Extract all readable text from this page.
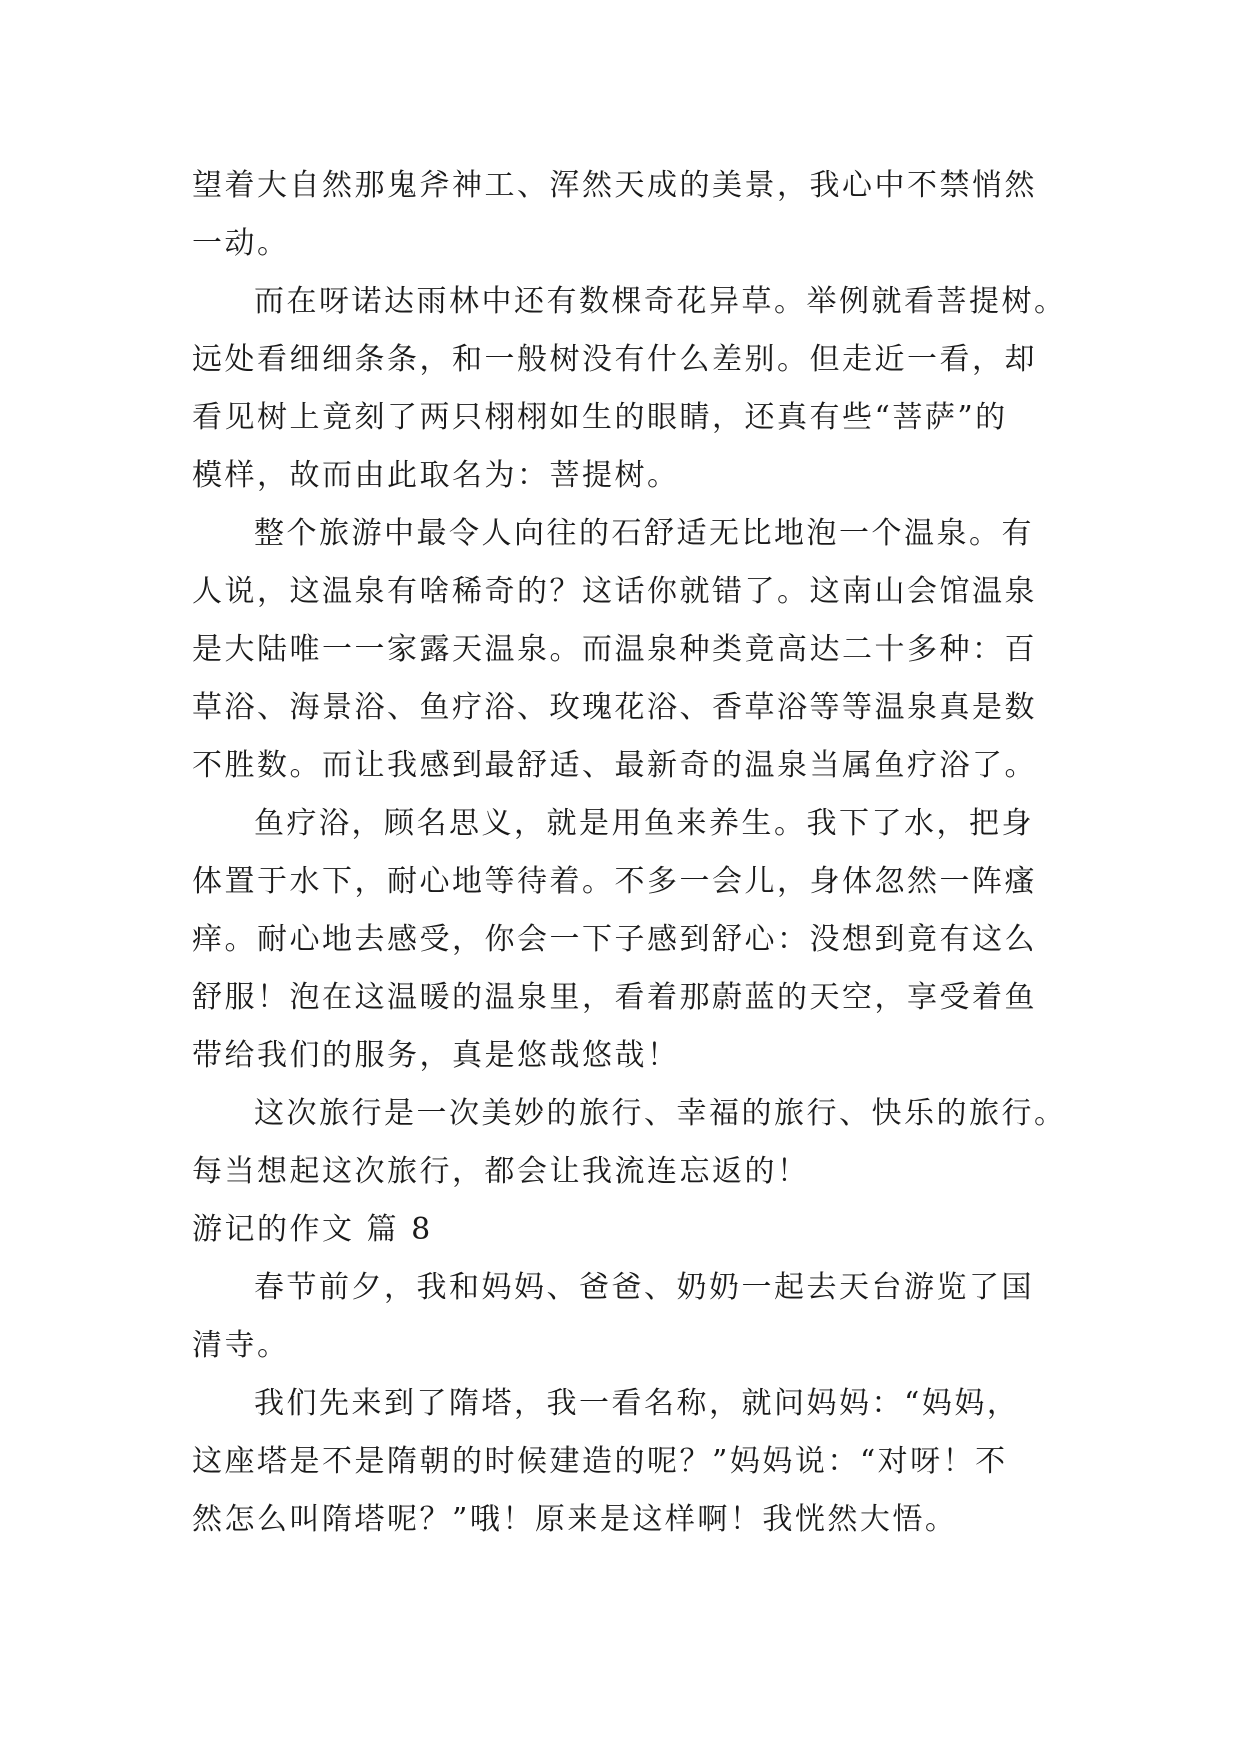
望着大自然那鬼斧神工、浑然天成的美景，我心中不禁悄然
一动。
而在呀诺达雨林中还有数棵奇花异草。举例就看菩提树。
远处看细细条条，和一般树没有什么差别。但走近一看，却
看见树上竟刻了两只栩栩如生的眼睛，还真有些“菩萨”的
模样，故而由此取名为：菩提树。
整个旅游中最令人向往的石舒适无比地泡一个温泉。有
人说，这温泉有啥稀奇的？这话你就错了。这南山会馆温泉
是大陆唯一一家露天温泉。而温泉种类竟高达二十多种：百
草浴、海景浴、鱼疗浴、玫瑰花浴、香草浴等等温泉真是数
不胜数。而让我感到最舒适、最新奇的温泉当属鱼疗浴了。
鱼疗浴，顾名思义，就是用鱼来养生。我下了水，把身
体置于水下，耐心地等待着。不多一会儿，身体忽然一阵瘙
痒。耐心地去感受，你会一下子感到舒心：没想到竟有这么
舒服！泡在这温暖的温泉里，看着那蔚蓝的天空，享受着鱼
带给我们的服务，真是悠哉悠哉！
这次旅行是一次美妙的旅行、幸福的旅行、快乐的旅行。
每当想起这次旅行，都会让我流连忘返的！
游记的作文 篇 8
春节前夕，我和妈妈、爸爸、奶奶一起去天台游览了国
清寺。
我们先来到了隋塔，我一看名称，就问妈妈：“妈妈，
这座塔是不是隋朝的时候建造的呢？”妈妈说：“对呀！不
然怎么叫隋塔呢？”哦！原来是这样啊！我恍然大悟。
